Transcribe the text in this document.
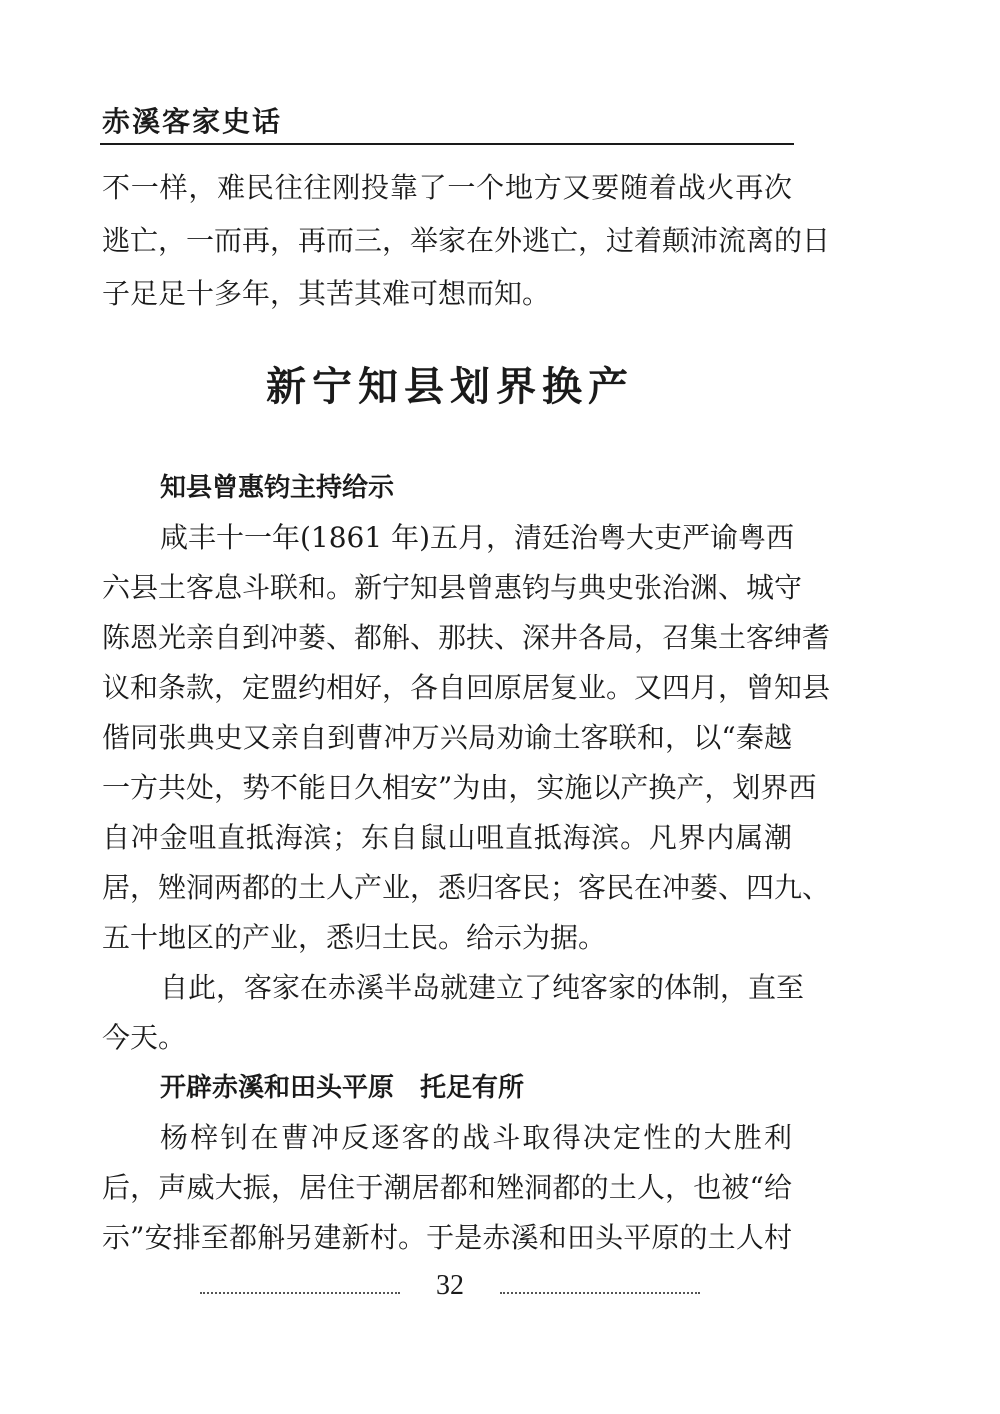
赤溪客家史话
不一样，难民往往刚投靠了一个地方又要随着战火再次
逃亡，一而再，再而三，举家在外逃亡，过着颠沛流离的日
子足足十多年，其苦其难可想而知。
新宁知县划界换产
知县曾惠钧主持给示
咸丰十一年(1861 年)五月，清廷治粤大吏严谕粤西
六县土客息斗联和。新宁知县曾惠钧与典史张治渊、城守
陈恩光亲自到冲蒌、都斛、那扶、深井各局，召集土客绅耆
议和条款，定盟约相好，各自回原居复业。又四月，曾知县
偕同张典史又亲自到曹冲万兴局劝谕土客联和，以“秦越
一方共处，势不能日久相安”为由，实施以产换产，划界西
自冲金咀直抵海滨；东自鼠山咀直抵海滨。凡界内属潮
居，矬洞两都的土人产业，悉归客民；客民在冲蒌、四九、
五十地区的产业，悉归土民。给示为据。
自此，客家在赤溪半岛就建立了纯客家的体制，直至
今天。
开辟赤溪和田头平原　托足有所
杨梓钊在曹冲反逐客的战斗取得决定性的大胜利
后，声威大振，居住于潮居都和矬洞都的土人，也被“给
示”安排至都斛另建新村。于是赤溪和田头平原的土人村
32
